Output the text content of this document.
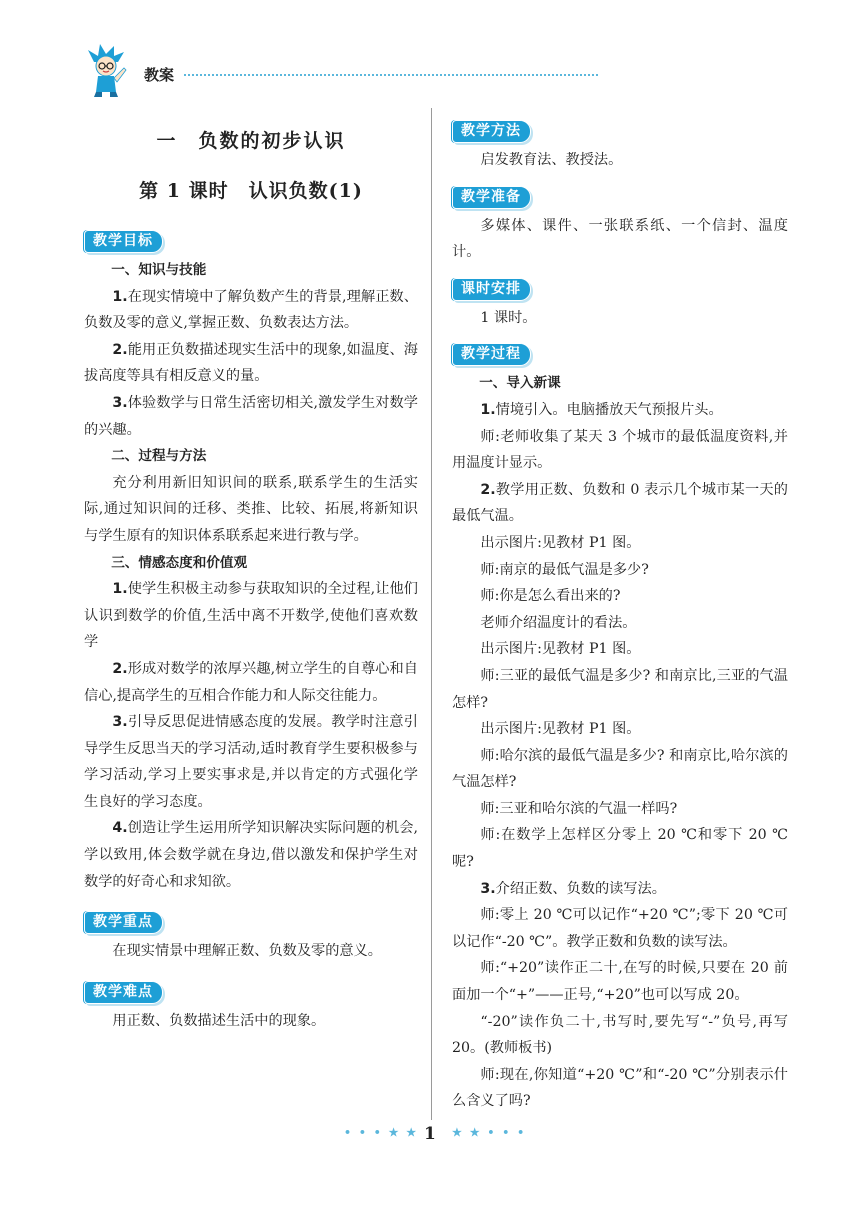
教案
一　负数的初步认识
第 1 课时　认识负数(1)
教学目标
一、知识与技能

1.在现实情境中了解负数产生的背景,理解正数、负数及零的意义,掌握正数、负数表达方法。

2.能用正负数描述现实生活中的现象,如温度、海拔高度等具有相反意义的量。

3.体验数学与日常生活密切相关,激发学生对数学的兴趣。

二、过程与方法

充分利用新旧知识间的联系,联系学生的生活实际,通过知识间的迁移、类推、比较、拓展,将新知识与学生原有的知识体系联系起来进行教与学。

三、情感态度和价值观

1.使学生积极主动参与获取知识的全过程,让他们认识到数学的价值,生活中离不开数学,使他们喜欢数学

2.形成对数学的浓厚兴趣,树立学生的自尊心和自信心,提高学生的互相合作能力和人际交往能力。

3.引导反思促进情感态度的发展。教学时注意引导学生反思当天的学习活动,适时教育学生要积极参与学习活动,学习上要实事求是,并以肯定的方式强化学生良好的学习态度。

4.创造让学生运用所学知识解决实际问题的机会,学以致用,体会数学就在身边,借以激发和保护学生对数学的好奇心和求知欲。

教学重点

在现实情景中理解正数、负数及零的意义。

教学难点

用正数、负数描述生活中的现象。

教学方法

启发教育法、教授法。

教学准备

多媒体、课件、一张联系纸、一个信封、温度计。

课时安排

1 课时。

教学过程
一、导入新课

1.情境引入。电脑播放天气预报片头。

师:老师收集了某天 3 个城市的最低温度资料,并用温度计显示。

2.教学用正数、负数和 0 表示几个城市某一天的最低气温。

出示图片:见教材 P1 图。

师:南京的最低气温是多少?

师:你是怎么看出来的?

老师介绍温度计的看法。

出示图片:见教材 P1 图。

师:三亚的最低气温是多少? 和南京比,三亚的气温怎样?

出示图片:见教材 P1 图。

师:哈尔滨的最低气温是多少? 和南京比,哈尔滨的气温怎样?

师:三亚和哈尔滨的气温一样吗?

师:在数学上怎样区分零上 20 ℃和零下 20 ℃呢?

3.介绍正数、负数的读写法。

师:零上 20 ℃可以记作“+20 ℃”;零下 20 ℃可以记作“-20 ℃”。教学正数和负数的读写法。

师:“+20”读作正二十,在写的时候,只要在 20 前面加一个“+”——正号,“+20”也可以写成 20。

“-20”读作负二十,书写时,要先写“-”负号,再写 20。(教师板书)

师:现在,你知道“+20 ℃”和“-20 ℃”分别表示什么含义了吗?

• • • ★ ★ 1 ★ ★ • • •
